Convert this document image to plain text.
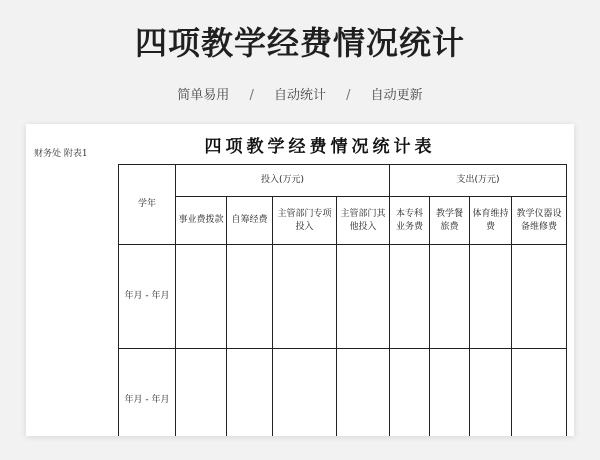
四项教学经费情况统计
简单易用 / 自动统计 / 自动更新
四项教学经费情况统计表
财务处 附表1
学年	投入(万元)				支出(万元)			
	事业费拨款	自筹经费	主管部门专项投入	主管部门其他投入	本专科业务费	教学餐旅费	体育维持费	教学仪器设备维修费
年月 - 年月								
年月 - 年月								
